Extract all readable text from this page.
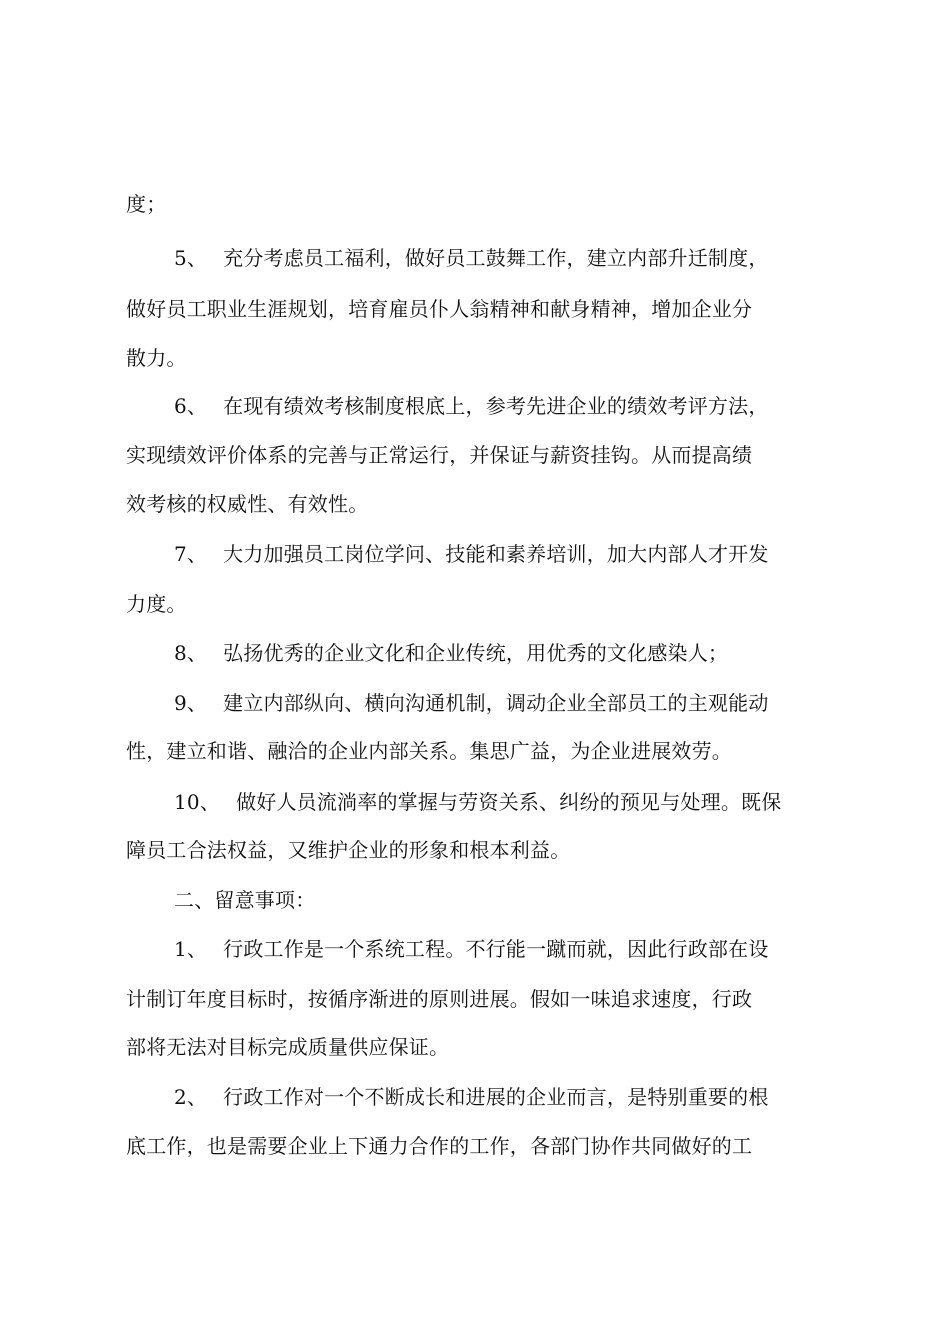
度；
5、 充分考虑员工福利，做好员工鼓舞工作，建立内部升迁制度，
做好员工职业生涯规划，培育雇员仆人翁精神和献身精神，增加企业分
散力。
6、 在现有绩效考核制度根底上，参考先进企业的绩效考评方法，
实现绩效评价体系的完善与正常运行，并保证与薪资挂钩。从而提高绩
效考核的权威性、有效性。
7、 大力加强员工岗位学问、技能和素养培训，加大内部人才开发
力度。
8、 弘扬优秀的企业文化和企业传统，用优秀的文化感染人；
9、 建立内部纵向、横向沟通机制，调动企业全部员工的主观能动
性，建立和谐、融洽的企业内部关系。集思广益，为企业进展效劳。
10、 做好人员流淌率的掌握与劳资关系、纠纷的预见与处理。既保
障员工合法权益，又维护企业的形象和根本利益。
二、留意事项：
1、 行政工作是一个系统工程。不行能一蹴而就，因此行政部在设
计制订年度目标时，按循序渐进的原则进展。假如一味追求速度，行政
部将无法对目标完成质量供应保证。
2、 行政工作对一个不断成长和进展的企业而言，是特别重要的根
底工作，也是需要企业上下通力合作的工作，各部门协作共同做好的工
